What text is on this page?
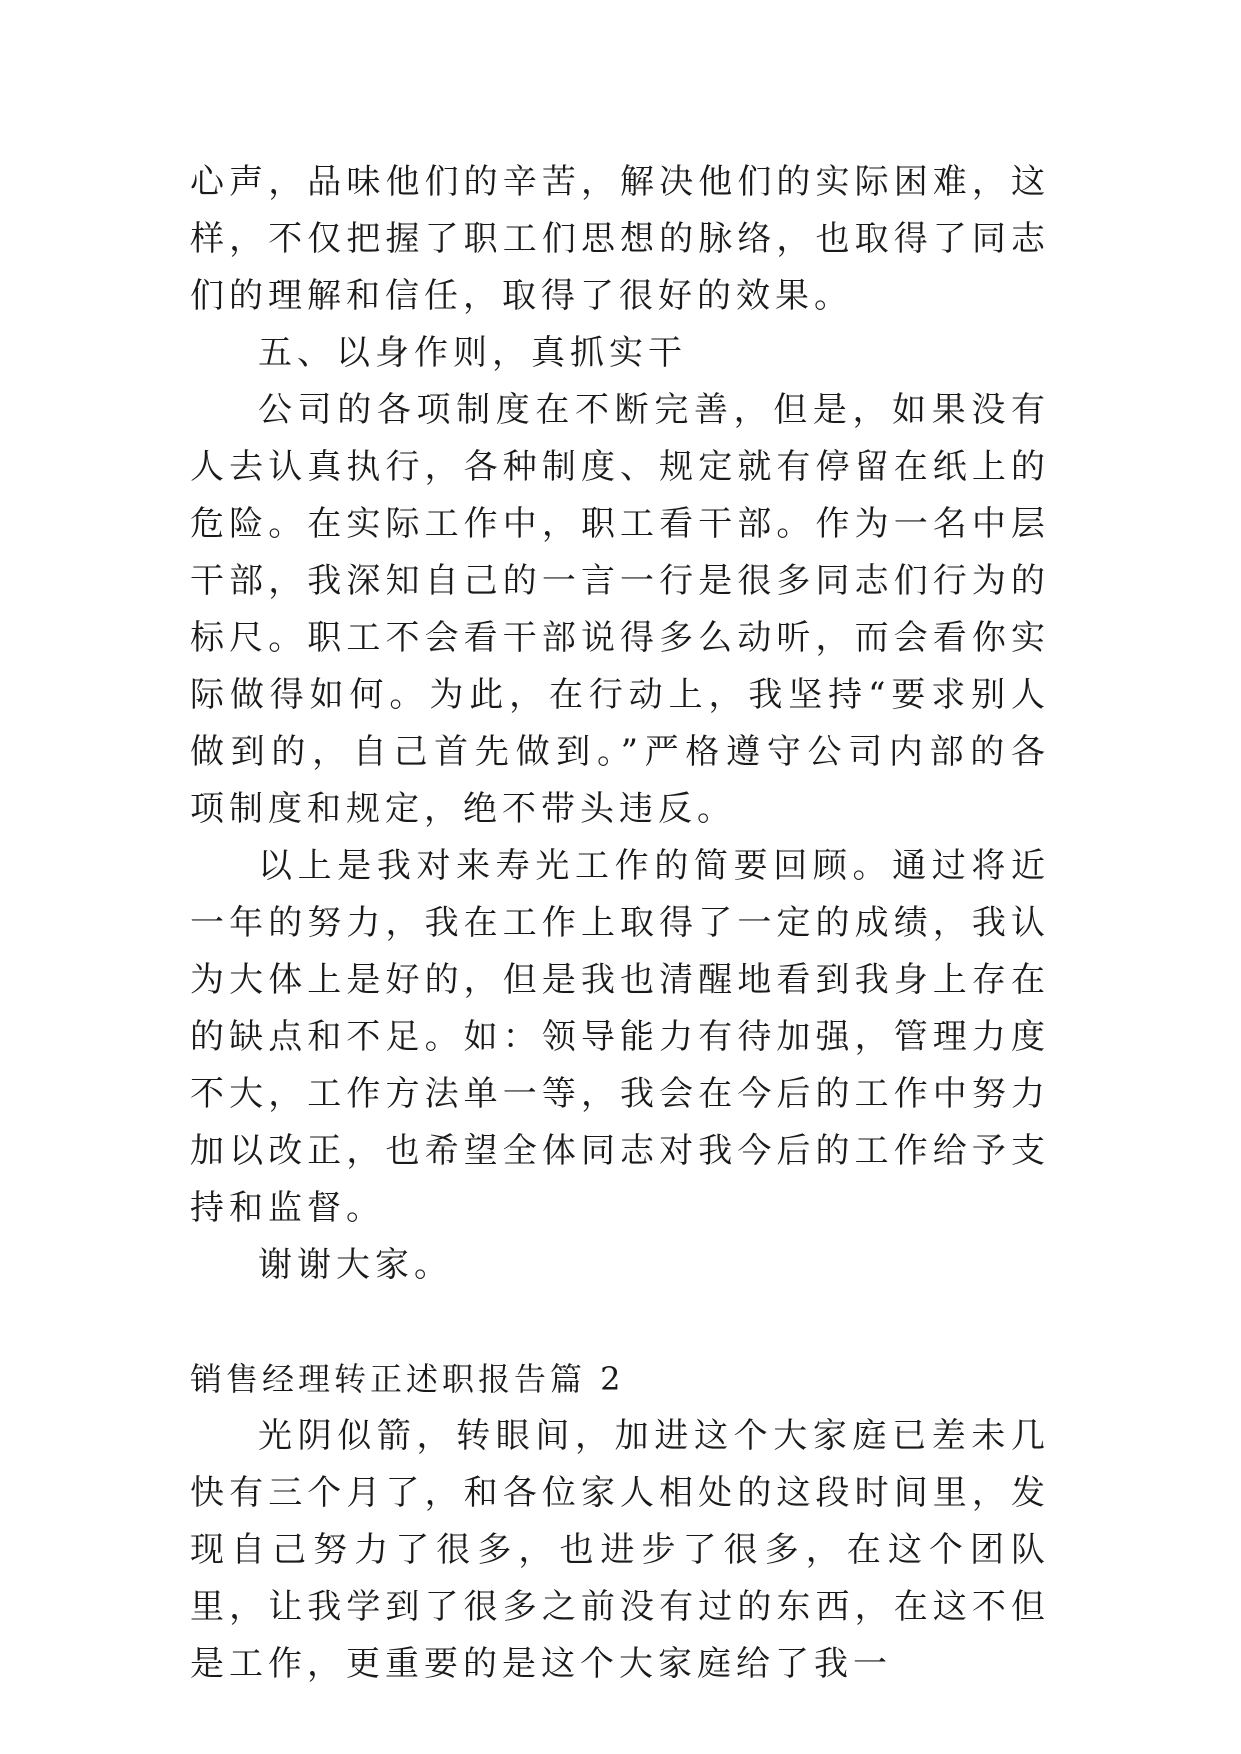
心声，品味他们的辛苦，解决他们的实际困难，这样，不仅把握了职工们思想的脉络，也取得了同志们的理解和信任，取得了很好的效果。

五、以身作则，真抓实干

公司的各项制度在不断完善，但是，如果没有人去认真执行，各种制度、规定就有停留在纸上的危险。在实际工作中，职工看干部。作为一名中层干部，我深知自己的一言一行是很多同志们行为的标尺。职工不会看干部说得多么动听，而会看你实际做得如何。为此，在行动上，我坚持“要求别人做到的，自己首先做到。”严格遵守公司内部的各项制度和规定，绝不带头违反。

以上是我对来寿光工作的简要回顾。通过将近一年的努力，我在工作上取得了一定的成绩，我认为大体上是好的，但是我也清醒地看到我身上存在的缺点和不足。如：领导能力有待加强，管理力度不大，工作方法单一等，我会在今后的工作中努力加以改正，也希望全体同志对我今后的工作给予支持和监督。

谢谢大家。

销售经理转正述职报告篇 2

光阴似箭，转眼间，加进这个大家庭已差未几快有三个月了，和各位家人相处的这段时间里，发现自己努力了很多，也进步了很多，在这个团队里，让我学到了很多之前没有过的东西，在这不但是工作，更重要的是这个大家庭给了我一
